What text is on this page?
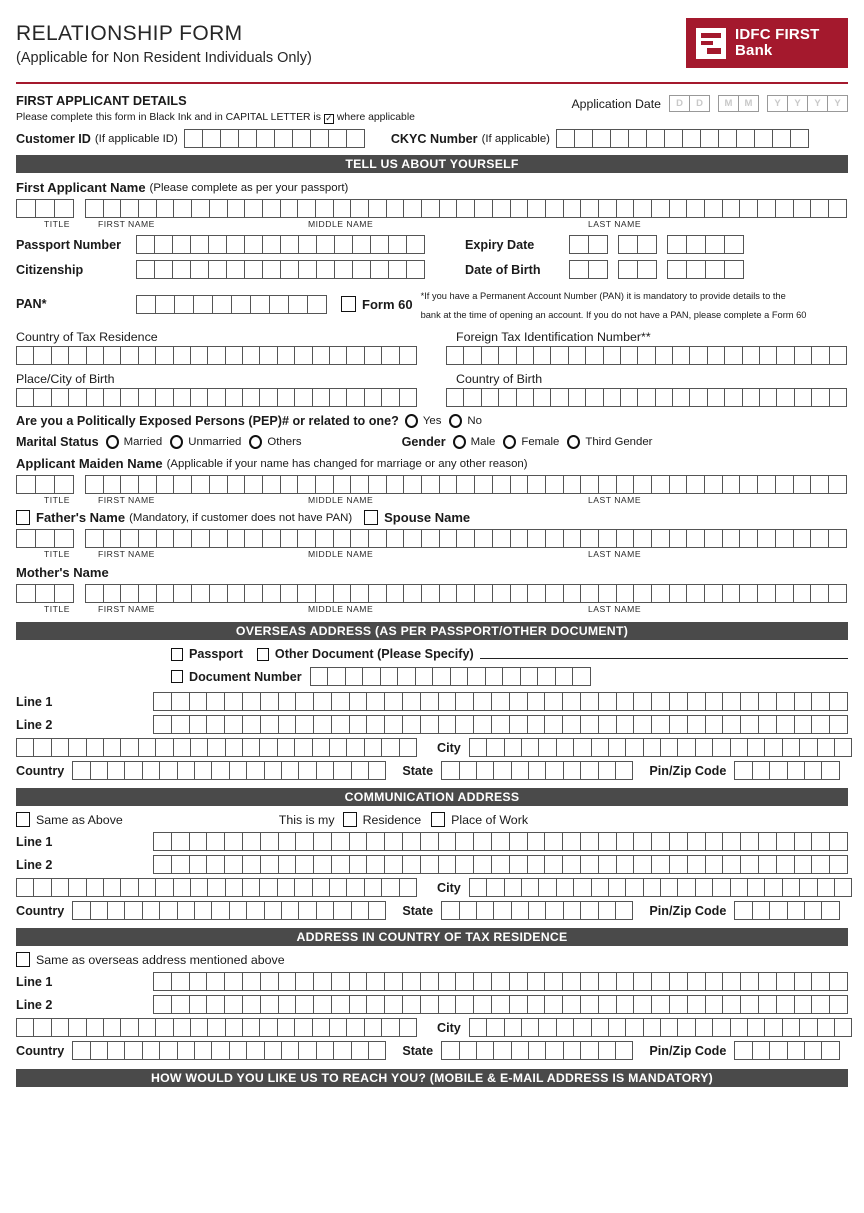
RELATIONSHIP FORM
(Applicable for Non Resident Individuals Only)
IDFC FIRST
Bank
FIRST APPLICANT DETAILS
Please complete this form in Black Ink and in CAPITAL LETTER is ✓ where applicable
Application Date	D	D	M	M	Y	Y	Y	Y
Customer ID (If applicable ID)	CKYC Number (If applicable)
TELL US ABOUT YOURSELF
First Applicant Name (Please complete as per your passport)
TITLE	FIRST NAME	MIDDLE NAME	LAST NAME
Passport Number	Expiry Date
Citizenship	Date of Birth
PAN*	Form 60
*If you have a Permanent Account Number (PAN) it is mandatory to provide details to the
bank at the time of opening an account. If you do not have a PAN, please complete a Form 60
Country of Tax Residence	Foreign Tax Identification Number**
Place/City of Birth	Country of Birth
Are you a Politically Exposed Persons (PEP)# or related to one? Yes No
Marital Status Married Unmarried Others	Gender Male Female Third Gender
Applicant Maiden Name (Applicable if your name has changed for marriage or any other reason)
TITLE	FIRST NAME	MIDDLE NAME	LAST NAME
Father's Name (Mandatory, if customer does not have PAN) Spouse Name
TITLE	FIRST NAME	MIDDLE NAME	LAST NAME
Mother's Name
TITLE	FIRST NAME	MIDDLE NAME	LAST NAME
OVERSEAS ADDRESS (AS PER PASSPORT/OTHER DOCUMENT)
Passport	Other Document (Please Specify)
Document Number
Line 1
Line 2
City
Country	State	Pin/Zip Code
COMMUNICATION ADDRESS
Same as Above	This is my Residence Place of Work
Line 1
Line 2
City
Country	State	Pin/Zip Code
ADDRESS IN COUNTRY OF TAX RESIDENCE
Same as overseas address mentioned above
Line 1
Line 2
City
Country	State	Pin/Zip Code
HOW WOULD YOU LIKE US TO REACH YOU? (MOBILE & E-MAIL ADDRESS IS MANDATORY)
